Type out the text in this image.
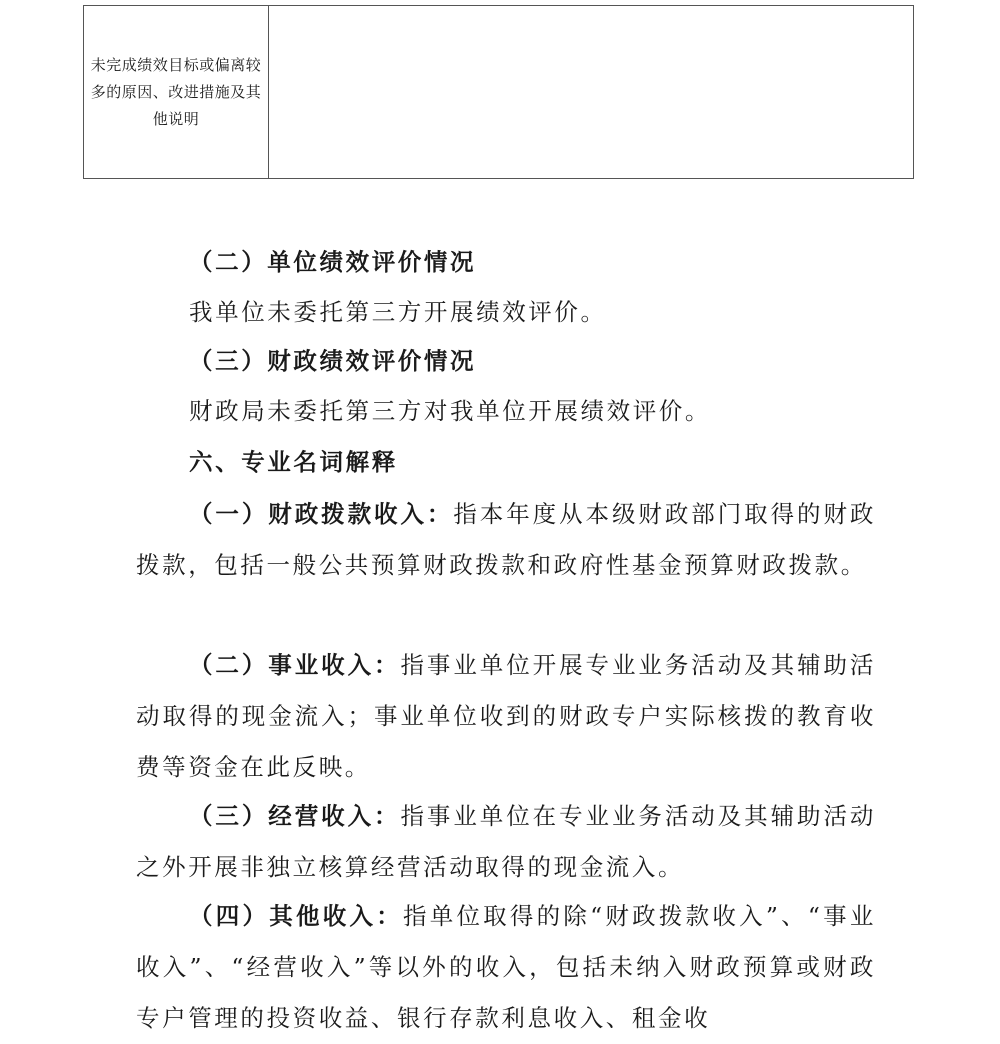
未完成绩效目标或偏离较多的原因、改进措施及其他说明

（二）单位绩效评价情况

我单位未委托第三方开展绩效评价。

（三）财政绩效评价情况

财政局未委托第三方对我单位开展绩效评价。

六、专业名词解释

（一）财政拨款收入：指本年度从本级财政部门取得的财政拨款，包括一般公共预算财政拨款和政府性基金预算财政拨款。

（二）事业收入：指事业单位开展专业业务活动及其辅助活动取得的现金流入；事业单位收到的财政专户实际核拨的教育收费等资金在此反映。

（三）经营收入：指事业单位在专业业务活动及其辅助活动之外开展非独立核算经营活动取得的现金流入。

（四）其他收入：指单位取得的除“财政拨款收入”、“事业收入”、“经营收入”等以外的收入，包括未纳入财政预算或财政专户管理的投资收益、银行存款利息收入、租金收
